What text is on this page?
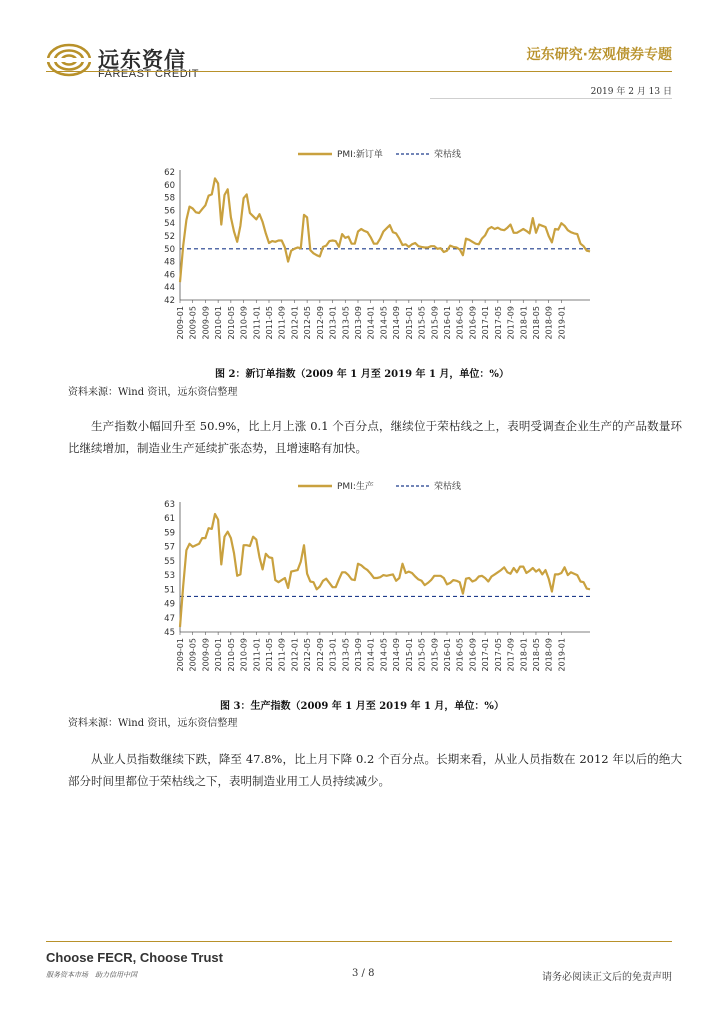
远东资信
FAREAST CREDIT
远东研究·宏观债券专题
2019 年 2 月 13 日
PMI:新订单	荣枯线
42
44
46
48
50
52
54
56
58
60
62
2009-01 2009-05 2009-09 2010-01 2010-05 2010-09 2011-01 2011-05 2011-09 2012-01 2012-05 2012-09 2013-01 2013-05 2013-09 2014-01 2014-05 2014-09 2015-01 2015-05 2015-09 2016-01 2016-05 2016-09 2017-01 2017-05 2017-09 2018-01 2018-05 2018-09 2019-01
图 2：新订单指数（2009 年 1 月至 2019 年 1 月，单位：%）
资料来源：Wind 资讯，远东资信整理
生产指数小幅回升至 50.9%，比上月上涨 0.1 个百分点，继续位于荣枯线之上，表明受调查企业生产的产品数量环比继续增加，制造业生产延续扩张态势，且增速略有加快。
PMI:生产	荣枯线
45
47
49
51
53
55
57
59
61
63
2009-01 2009-05 2009-09 2010-01 2010-05 2010-09 2011-01 2011-05 2011-09 2012-01 2012-05 2012-09 2013-01 2013-05 2013-09 2014-01 2014-05 2014-09 2015-01 2015-05 2015-09 2016-01 2016-05 2016-09 2017-01 2017-05 2017-09 2018-01 2018-05 2018-09 2019-01
图 3：生产指数（2009 年 1 月至 2019 年 1 月，单位：%）
资料来源：Wind 资讯，远东资信整理
从业人员指数继续下跌，降至 47.8%，比上月下降 0.2 个百分点。长期来看，从业人员指数在 2012 年以后的绝大部分时间里都位于荣枯线之下，表明制造业用工人员持续减少。
Choose FECR, Choose Trust
服务资本市场　助力信用中国	3 / 8	请务必阅读正文后的免责声明
